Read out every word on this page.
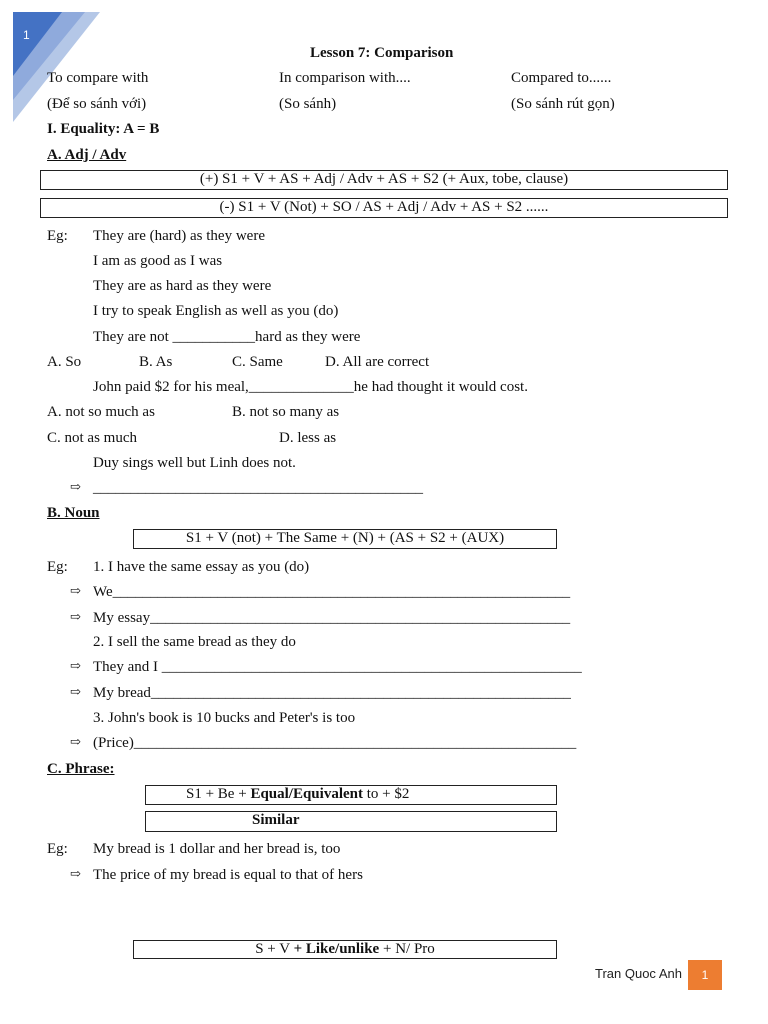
1
Lesson 7: Comparison
To compare with	In comparison with....	Compared to......
(Để so sánh với)	(So sánh)	(So sánh rút gọn)
I. Equality: A = B
A. Adj / Adv
(+) S1 + V + AS + Adj / Adv + AS + S2 (+ Aux, tobe, clause)
(-) S1 + V (Not) + SO / AS + Adj / Adv + AS + S2 ......
Eg: They are (hard) as they were
I am as good as I was
They are as hard as they were
I try to speak English as well as you (do)
They are not ___________hard as they were
A. So	B. As	C. Same	D. All are correct
John paid $2 for his meal,______________he had thought it would cost.
A. not so much as	B. not so many as
C. not as much	D. less as
Duy sings well but Linh does not.
⇨ ____________________________________________
B. Noun
S1 + V (not) + The Same + (N) + (AS + S2 + (AUX)
Eg: 1. I have the same essay as you (do)
⇨ We_____________________________________________________________
⇨ My essay________________________________________________________
2. I sell the same bread as they do
⇨ They and I ________________________________________________________
⇨ My bread________________________________________________________
3. John's book is 10 bucks and Peter's is too
⇨ (Price)___________________________________________________________
C. Phrase:
S1 + Be + Equal/Equivalent to + $2
Similar
Eg: My bread is 1 dollar and her bread is, too
⇨ The price of my bread is equal to that of hers
S + V + Like/unlike + N/ Pro
Tran Quoc Anh	1
